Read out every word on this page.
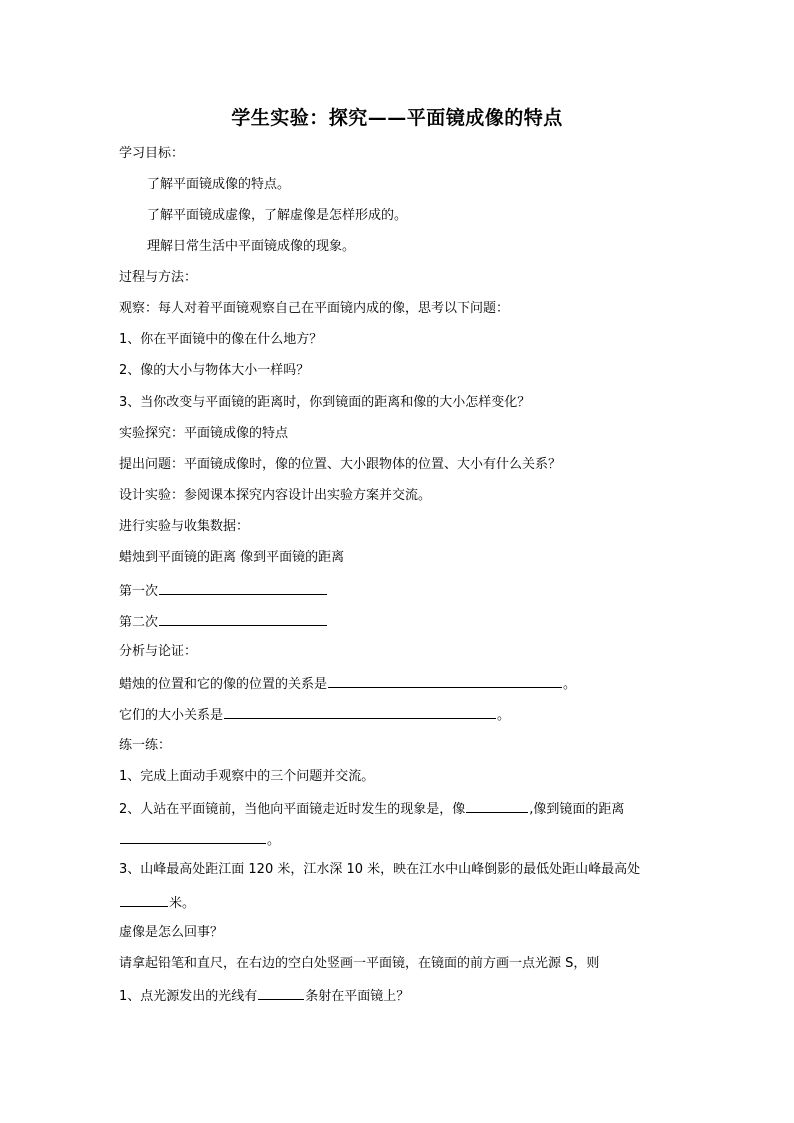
学生实验：探究——平面镜成像的特点
学习目标：
了解平面镜成像的特点。
了解平面镜成虚像，了解虚像是怎样形成的。
理解日常生活中平面镜成像的现象。
过程与方法：
观察：每人对着平面镜观察自己在平面镜内成的像，思考以下问题：
1、你在平面镜中的像在什么地方？
2、像的大小与物体大小一样吗？
3、当你改变与平面镜的距离时，你到镜面的距离和像的大小怎样变化？
实验探究：平面镜成像的特点
提出问题：平面镜成像时，像的位置、大小跟物体的位置、大小有什么关系？
设计实验：参阅课本探究内容设计出实验方案并交流。
进行实验与收集数据：
蜡烛到平面镜的距离 像到平面镜的距离
第一次
第二次
分析与论证：
蜡烛的位置和它的像的位置的关系是	。
它们的大小关系是	。
练一练：
1、完成上面动手观察中的三个问题并交流。
2、人站在平面镜前，当他向平面镜走近时发生的现象是，像	,像到镜面的距离
。
3、山峰最高处距江面 120 米，江水深 10 米，映在江水中山峰倒影的最低处距山峰最高处
米。
虚像是怎么回事？
请拿起铅笔和直尺，在右边的空白处竖画一平面镜，在镜面的前方画一点光源 S，则
1、点光源发出的光线有	条射在平面镜上？
